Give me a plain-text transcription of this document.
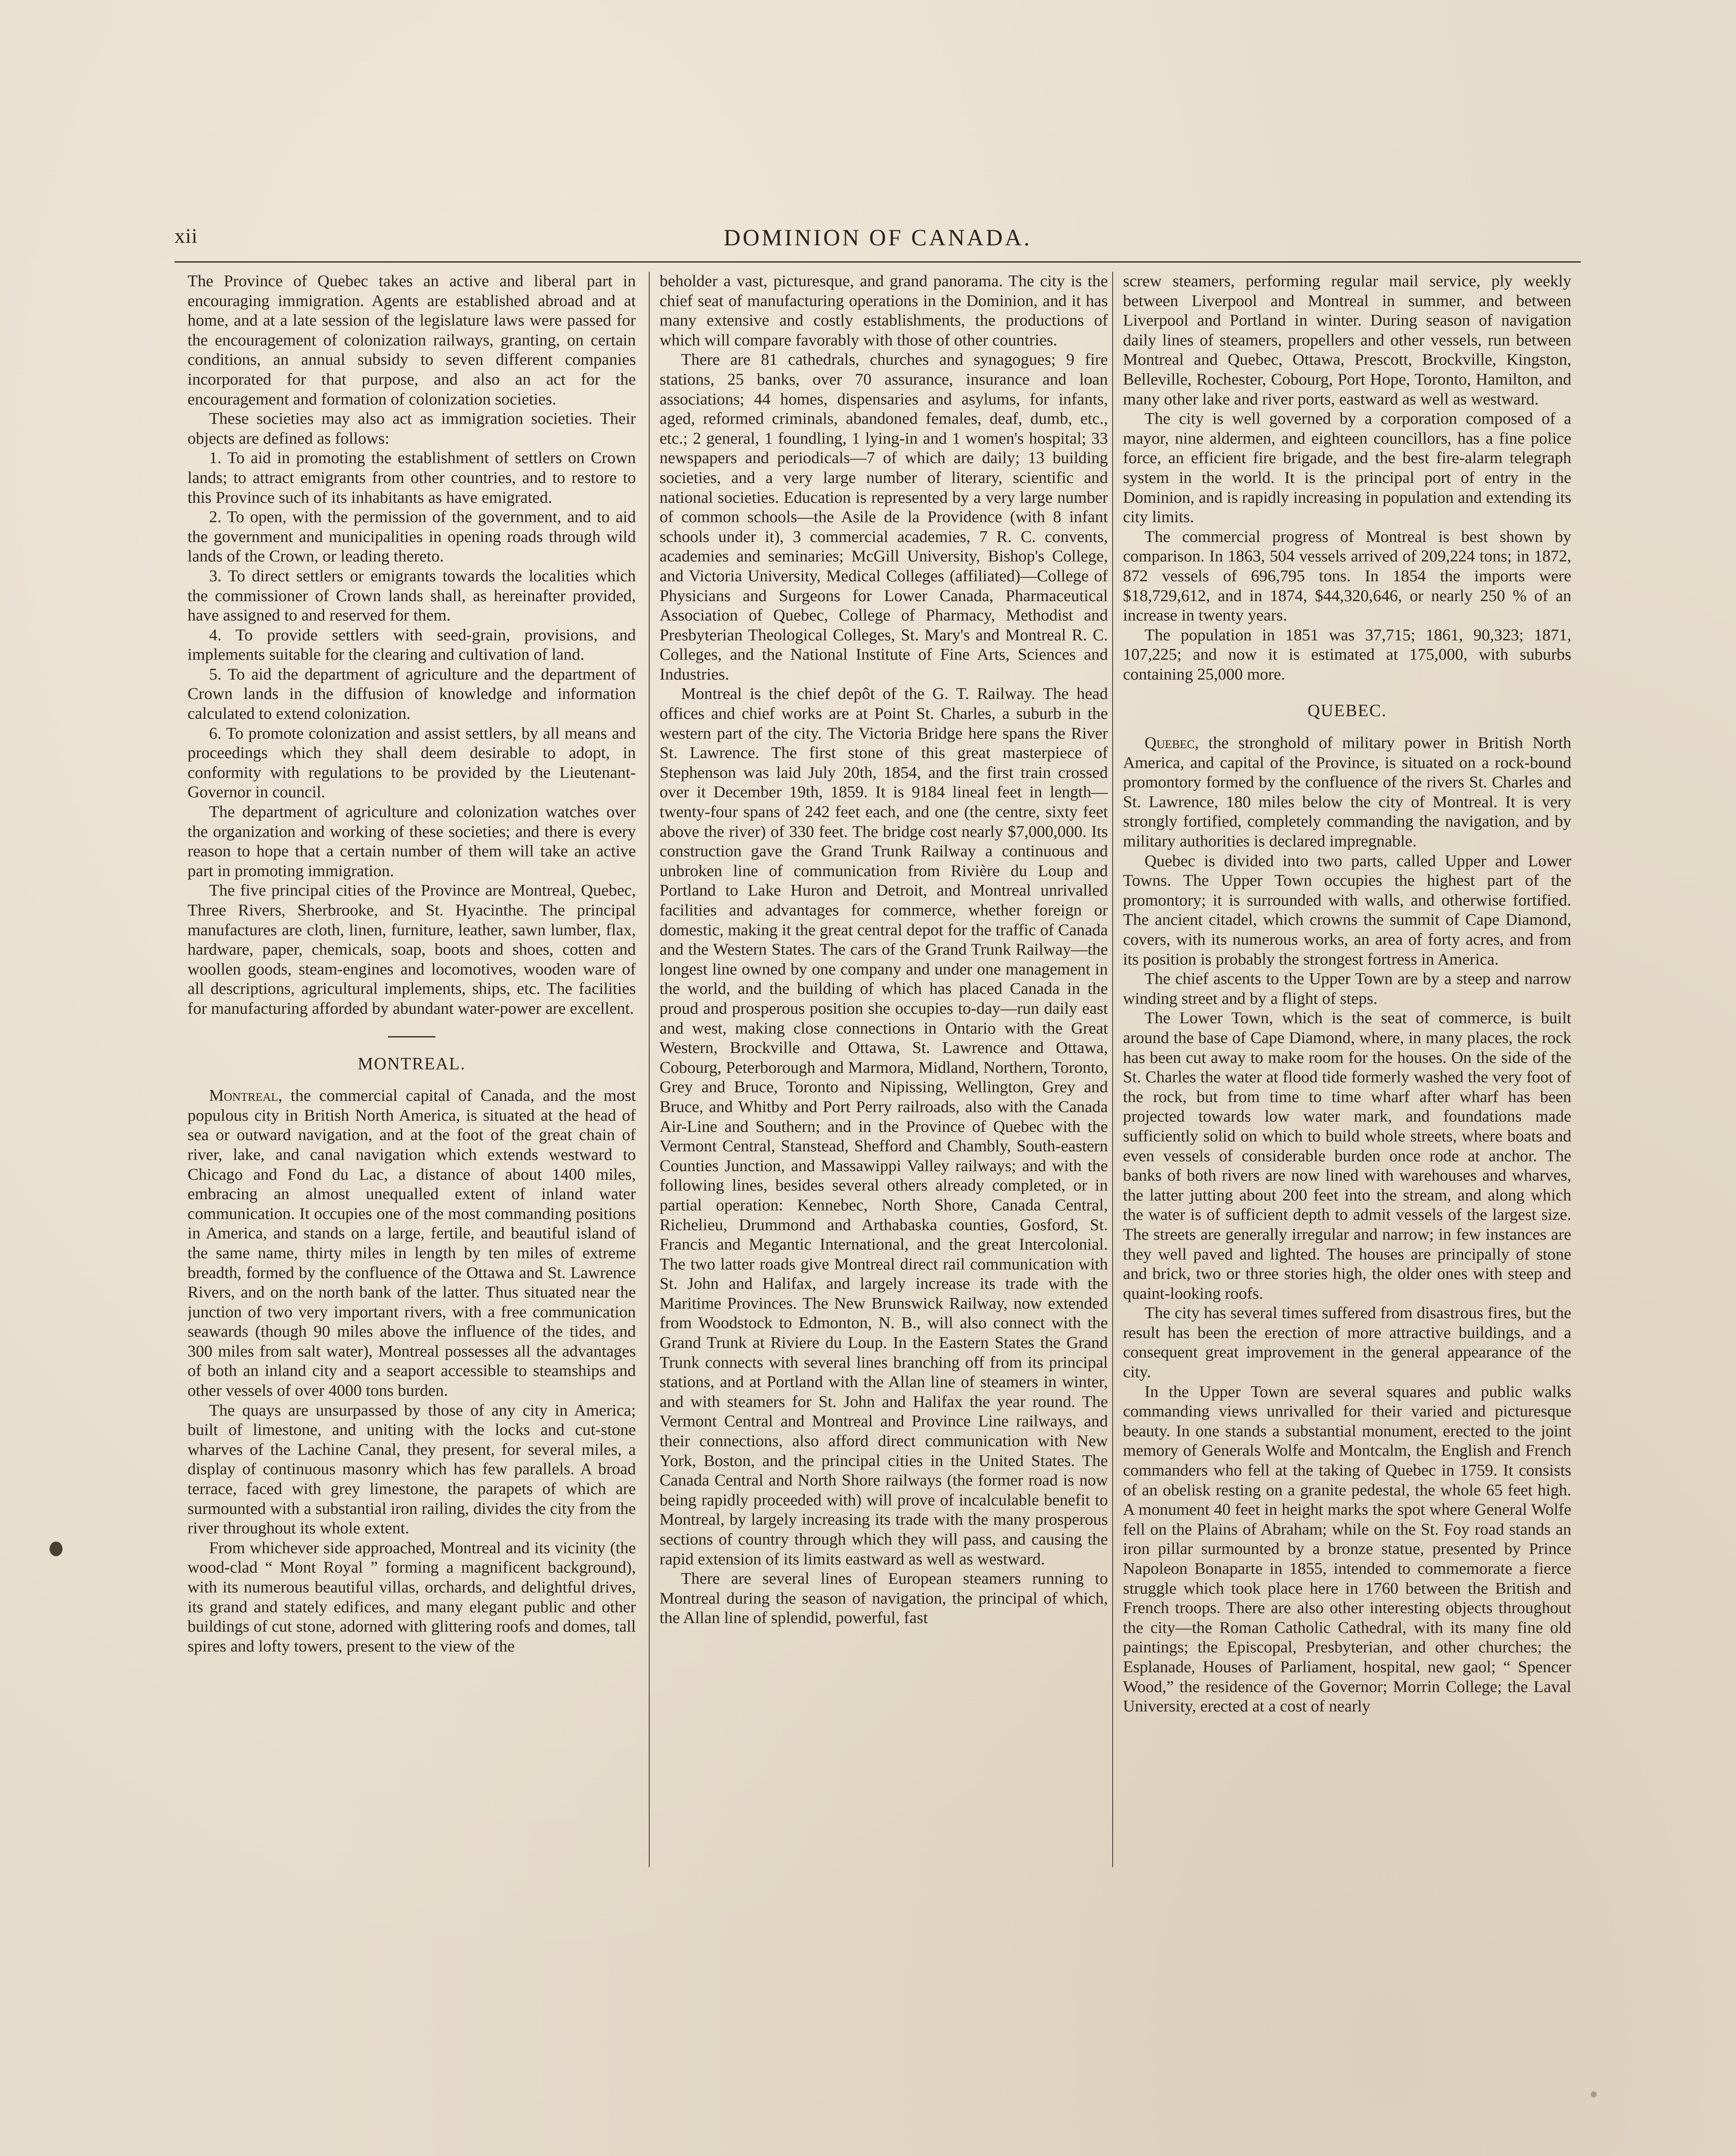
xii	DOMINION OF CANADA.

The Province of Quebec takes an active and liberal part in encouraging immigration. Agents are established abroad and at home, and at a late session of the legislature laws were passed for the encouragement of colonization railways, granting, on certain conditions, an annual subsidy to seven different companies incorporated for that purpose, and also an act for the encouragement and formation of colonization societies.

These societies may also act as immigration societies. Their objects are defined as follows:

1. To aid in promoting the establishment of settlers on Crown lands; to attract emigrants from other countries, and to restore to this Province such of its inhabitants as have emigrated.

2. To open, with the permission of the government, and to aid the government and municipalities in opening roads through wild lands of the Crown, or leading thereto.

3. To direct settlers or emigrants towards the localities which the commissioner of Crown lands shall, as hereinafter provided, have assigned to and reserved for them.

4. To provide settlers with seed-grain, provisions, and implements suitable for the clearing and cultivation of land.

5. To aid the department of agriculture and the department of Crown lands in the diffusion of knowledge and information calculated to extend colonization.

6. To promote colonization and assist settlers, by all means and proceedings which they shall deem desirable to adopt, in conformity with regulations to be provided by the Lieutenant-Governor in council.

The department of agriculture and colonization watches over the organization and working of these societies; and there is every reason to hope that a certain number of them will take an active part in promoting immigration.

The five principal cities of the Province are Montreal, Quebec, Three Rivers, Sherbrooke, and St. Hyacinthe. The principal manufactures are cloth, linen, furniture, leather, sawn lumber, flax, hardware, paper, chemicals, soap, boots and shoes, cotten and woollen goods, steam-engines and locomotives, wooden ware of all descriptions, agricultural implements, ships, etc. The facilities for manufacturing afforded by abundant water-power are excellent.

MONTREAL.

Montreal, the commercial capital of Canada, and the most populous city in British North America, is situated at the head of sea or outward navigation, and at the foot of the great chain of river, lake, and canal navigation which extends westward to Chicago and Fond du Lac, a distance of about 1400 miles, embracing an almost unequalled extent of inland water communication. It occupies one of the most commanding positions in America, and stands on a large, fertile, and beautiful island of the same name, thirty miles in length by ten miles of extreme breadth, formed by the confluence of the Ottawa and St. Lawrence Rivers, and on the north bank of the latter. Thus situated near the junction of two very important rivers, with a free communication seawards (though 90 miles above the influence of the tides, and 300 miles from salt water), Montreal possesses all the advantages of both an inland city and a seaport accessible to steamships and other vessels of over 4000 tons burden.

The quays are unsurpassed by those of any city in America; built of limestone, and uniting with the locks and cut-stone wharves of the Lachine Canal, they present, for several miles, a display of continuous masonry which has few parallels. A broad terrace, faced with grey limestone, the parapets of which are surmounted with a substantial iron railing, divides the city from the river throughout its whole extent.

From whichever side approached, Montreal and its vicinity (the wood-clad “ Mont Royal ” forming a magnificent background), with its numerous beautiful villas, orchards, and delightful drives, its grand and stately edifices, and many elegant public and other buildings of cut stone, adorned with glittering roofs and domes, tall spires and lofty towers, present to the view of the

beholder a vast, picturesque, and grand panorama. The city is the chief seat of manufacturing operations in the Dominion, and it has many extensive and costly establishments, the productions of which will compare favorably with those of other countries.

There are 81 cathedrals, churches and synagogues; 9 fire stations, 25 banks, over 70 assurance, insurance and loan associations; 44 homes, dispensaries and asylums, for infants, aged, reformed criminals, abandoned females, deaf, dumb, etc., etc.; 2 general, 1 foundling, 1 lying-in and 1 women's hospital; 33 newspapers and periodicals—7 of which are daily; 13 building societies, and a very large number of literary, scientific and national societies. Education is represented by a very large number of common schools—the Asile de la Providence (with 8 infant schools under it), 3 commercial academies, 7 R. C. convents, academies and seminaries; McGill University, Bishop's College, and Victoria University, Medical Colleges (affiliated)—College of Physicians and Surgeons for Lower Canada, Pharmaceutical Association of Quebec, College of Pharmacy, Methodist and Presbyterian Theological Colleges, St. Mary's and Montreal R. C. Colleges, and the National Institute of Fine Arts, Sciences and Industries.

Montreal is the chief depôt of the G. T. Railway. The head offices and chief works are at Point St. Charles, a suburb in the western part of the city. The Victoria Bridge here spans the River St. Lawrence. The first stone of this great masterpiece of Stephenson was laid July 20th, 1854, and the first train crossed over it December 19th, 1859. It is 9184 lineal feet in length—twenty-four spans of 242 feet each, and one (the centre, sixty feet above the river) of 330 feet. The bridge cost nearly $7,000,000. Its construction gave the Grand Trunk Railway a continuous and unbroken line of communication from Rivière du Loup and Portland to Lake Huron and Detroit, and Montreal unrivalled facilities and advantages for commerce, whether foreign or domestic, making it the great central depot for the traffic of Canada and the Western States. The cars of the Grand Trunk Railway—the longest line owned by one company and under one management in the world, and the building of which has placed Canada in the proud and prosperous position she occupies to-day—run daily east and west, making close connections in Ontario with the Great Western, Brockville and Ottawa, St. Lawrence and Ottawa, Cobourg, Peterborough and Marmora, Midland, Northern, Toronto, Grey and Bruce, Toronto and Nipissing, Wellington, Grey and Bruce, and Whitby and Port Perry railroads, also with the Canada Air-Line and Southern; and in the Province of Quebec with the Vermont Central, Stanstead, Shefford and Chambly, South-eastern Counties Junction, and Massawippi Valley railways; and with the following lines, besides several others already completed, or in partial operation: Kennebec, North Shore, Canada Central, Richelieu, Drummond and Arthabaska counties, Gosford, St. Francis and Megantic International, and the great Intercolonial. The two latter roads give Montreal direct rail communication with St. John and Halifax, and largely increase its trade with the Maritime Provinces. The New Brunswick Railway, now extended from Woodstock to Edmonton, N. B., will also connect with the Grand Trunk at Riviere du Loup. In the Eastern States the Grand Trunk connects with several lines branching off from its principal stations, and at Portland with the Allan line of steamers in winter, and with steamers for St. John and Halifax the year round. The Vermont Central and Montreal and Province Line railways, and their connections, also afford direct communication with New York, Boston, and the principal cities in the United States. The Canada Central and North Shore railways (the former road is now being rapidly proceeded with) will prove of incalculable benefit to Montreal, by largely increasing its trade with the many prosperous sections of country through which they will pass, and causing the rapid extension of its limits eastward as well as westward.

There are several lines of European steamers running to Montreal during the season of navigation, the principal of which, the Allan line of splendid, powerful, fast

screw steamers, performing regular mail service, ply weekly between Liverpool and Montreal in summer, and between Liverpool and Portland in winter. During season of navigation daily lines of steamers, propellers and other vessels, run between Montreal and Quebec, Ottawa, Prescott, Brockville, Kingston, Belleville, Rochester, Cobourg, Port Hope, Toronto, Hamilton, and many other lake and river ports, eastward as well as westward.

The city is well governed by a corporation composed of a mayor, nine aldermen, and eighteen councillors, has a fine police force, an efficient fire brigade, and the best fire-alarm telegraph system in the world. It is the principal port of entry in the Dominion, and is rapidly increasing in population and extending its city limits.

The commercial progress of Montreal is best shown by comparison. In 1863, 504 vessels arrived of 209,224 tons; in 1872, 872 vessels of 696,795 tons. In 1854 the imports were $18,729,612, and in 1874, $44,320,646, or nearly 250 % of an increase in twenty years.

The population in 1851 was 37,715; 1861, 90,323; 1871, 107,225; and now it is estimated at 175,000, with suburbs containing 25,000 more.

QUEBEC.

Quebec, the stronghold of military power in British North America, and capital of the Province, is situated on a rock-bound promontory formed by the confluence of the rivers St. Charles and St. Lawrence, 180 miles below the city of Montreal. It is very strongly fortified, completely commanding the navigation, and by military authorities is declared impregnable.

Quebec is divided into two parts, called Upper and Lower Towns. The Upper Town occupies the highest part of the promontory; it is surrounded with walls, and otherwise fortified. The ancient citadel, which crowns the summit of Cape Diamond, covers, with its numerous works, an area of forty acres, and from its position is probably the strongest fortress in America.

The chief ascents to the Upper Town are by a steep and narrow winding street and by a flight of steps.

The Lower Town, which is the seat of commerce, is built around the base of Cape Diamond, where, in many places, the rock has been cut away to make room for the houses. On the side of the St. Charles the water at flood tide formerly washed the very foot of the rock, but from time to time wharf after wharf has been projected towards low water mark, and foundations made sufficiently solid on which to build whole streets, where boats and even vessels of considerable burden once rode at anchor. The banks of both rivers are now lined with warehouses and wharves, the latter jutting about 200 feet into the stream, and along which the water is of sufficient depth to admit vessels of the largest size. The streets are generally irregular and narrow; in few instances are they well paved and lighted. The houses are principally of stone and brick, two or three stories high, the older ones with steep and quaint-looking roofs.

The city has several times suffered from disastrous fires, but the result has been the erection of more attractive buildings, and a consequent great improvement in the general appearance of the city.

In the Upper Town are several squares and public walks commanding views unrivalled for their varied and picturesque beauty. In one stands a substantial monument, erected to the joint memory of Generals Wolfe and Montcalm, the English and French commanders who fell at the taking of Quebec in 1759. It consists of an obelisk resting on a granite pedestal, the whole 65 feet high. A monument 40 feet in height marks the spot where General Wolfe fell on the Plains of Abraham; while on the St. Foy road stands an iron pillar surmounted by a bronze statue, presented by Prince Napoleon Bonaparte in 1855, intended to commemorate a fierce struggle which took place here in 1760 between the British and French troops. There are also other interesting objects throughout the city—the Roman Catholic Cathedral, with its many fine old paintings; the Episcopal, Presbyterian, and other churches; the Esplanade, Houses of Parliament, hospital, new gaol; “ Spencer Wood,” the residence of the Governor; Morrin College; the Laval University, erected at a cost of nearly
